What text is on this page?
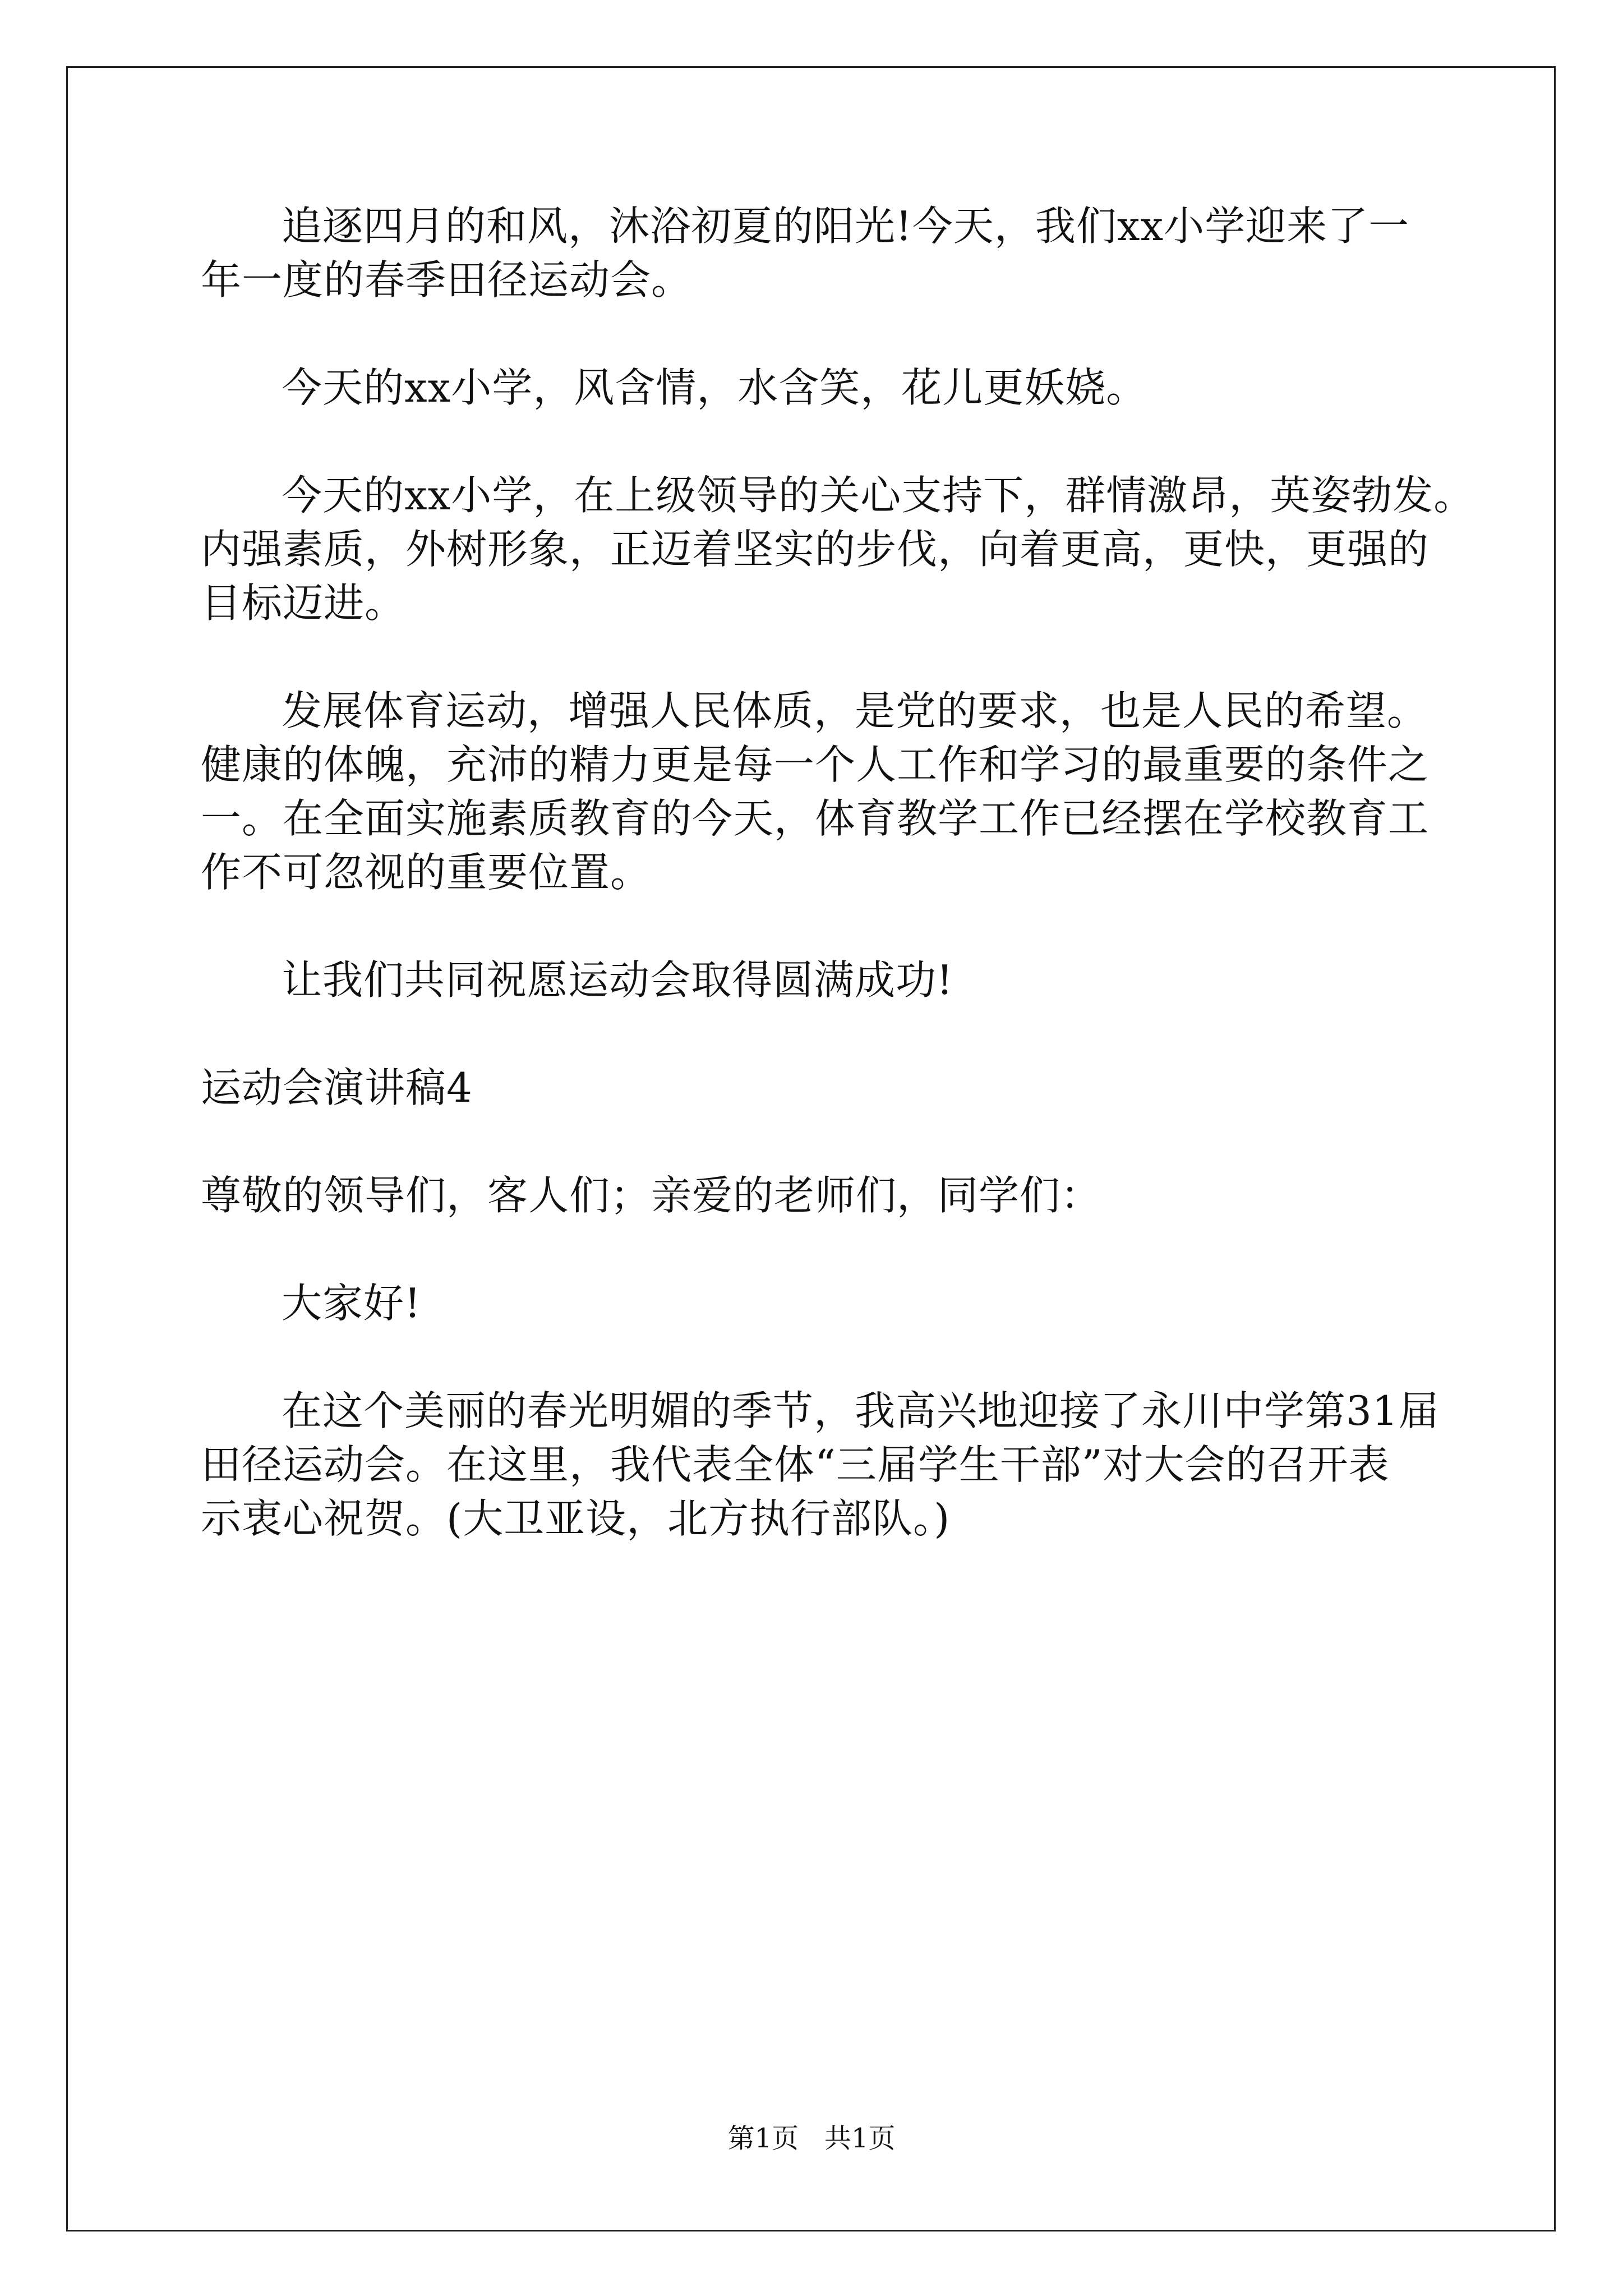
追逐四月的和风，沐浴初夏的阳光!今天，我们xx小学迎来了一
年一度的春季田径运动会。
今天的xx小学，风含情，水含笑，花儿更妖娆。
今天的xx小学，在上级领导的关心支持下，群情激昂，英姿勃发。
内强素质，外树形象，正迈着坚实的步伐，向着更高，更快，更强的
目标迈进。
发展体育运动，增强人民体质，是党的要求，也是人民的希望。
健康的体魄，充沛的精力更是每一个人工作和学习的最重要的条件之
一。在全面实施素质教育的今天，体育教学工作已经摆在学校教育工
作不可忽视的重要位置。
让我们共同祝愿运动会取得圆满成功!
运动会演讲稿4
尊敬的领导们，客人们；亲爱的老师们，同学们：
大家好!
在这个美丽的春光明媚的季节，我高兴地迎接了永川中学第31届
田径运动会。在这里，我代表全体“三届学生干部”对大会的召开表
示衷心祝贺。(大卫亚设，北方执行部队。)
第1页   共1页
